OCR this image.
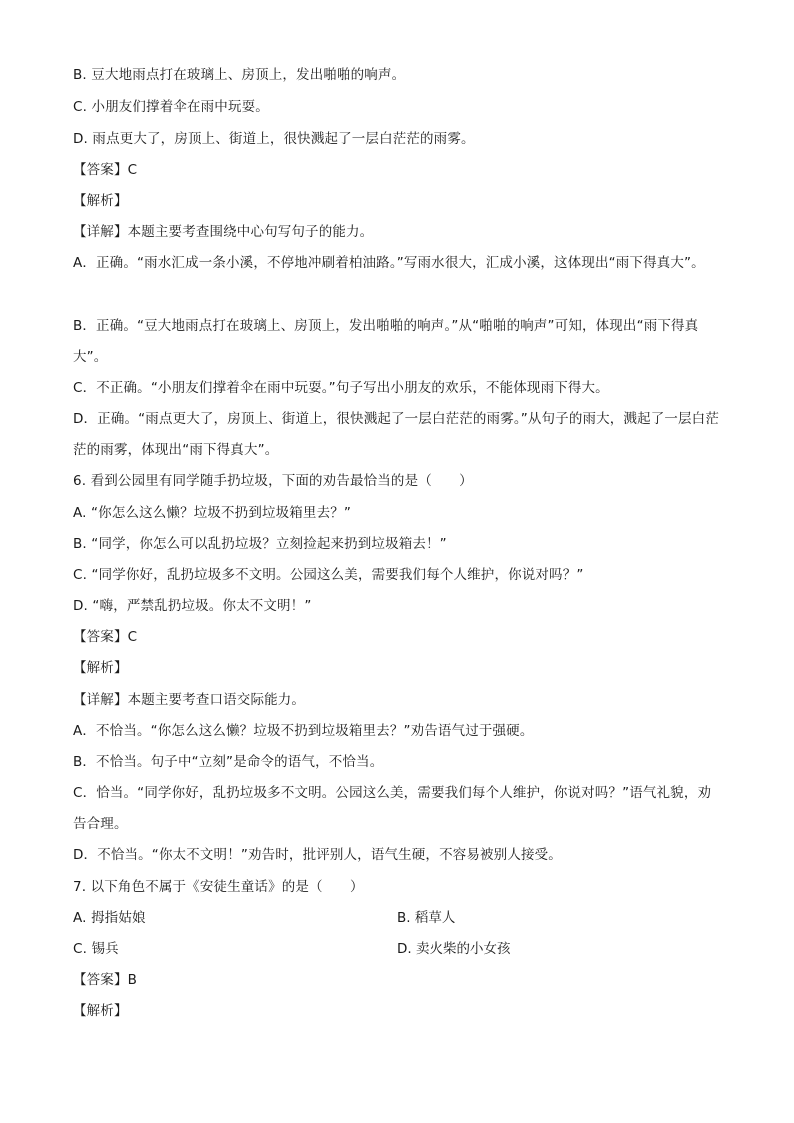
B. 豆大地雨点打在玻璃上、房顶上，发出啪啪的响声。
C. 小朋友们撑着伞在雨中玩耍。
D. 雨点更大了，房顶上、街道上，很快溅起了一层白茫茫的雨雾。
【答案】C
【解析】
【详解】本题主要考查围绕中心句写句子的能力。
A．正确。“雨水汇成一条小溪，不停地冲刷着柏油路。”写雨水很大，汇成小溪，这体现出“雨下得真大”。
B．正确。“豆大地雨点打在玻璃上、房顶上，发出啪啪的响声。”从“啪啪的响声”可知，体现出“雨下得真大”。
C．不正确。“小朋友们撑着伞在雨中玩耍。”句子写出小朋友的欢乐，不能体现雨下得大。
D．正确。“雨点更大了，房顶上、街道上，很快溅起了一层白茫茫的雨雾。”从句子的雨大，溅起了一层白茫茫的雨雾，体现出“雨下得真大”。
6. 看到公园里有同学随手扔垃圾，下面的劝告最恰当的是（　　）
A. “你怎么这么懒？垃圾不扔到垃圾箱里去？”
B. “同学，你怎么可以乱扔垃圾？立刻捡起来扔到垃圾箱去！”
C. “同学你好，乱扔垃圾多不文明。公园这么美，需要我们每个人维护，你说对吗？”
D. “嗨，严禁乱扔垃圾。你太不文明！”
【答案】C
【解析】
【详解】本题主要考查口语交际能力。
A．不恰当。“你怎么这么懒？垃圾不扔到垃圾箱里去？”劝告语气过于强硬。
B．不恰当。句子中“立刻”是命令的语气，不恰当。
C．恰当。“同学你好，乱扔垃圾多不文明。公园这么美，需要我们每个人维护，你说对吗？”语气礼貌，劝告合理。
D．不恰当。“你太不文明！”劝告时，批评别人，语气生硬，不容易被别人接受。
7. 以下角色不属于《安徒生童话》的是（　　）
A. 拇指姑娘	B. 稻草人
C. 锡兵	D. 卖火柴的小女孩
【答案】B
【解析】
